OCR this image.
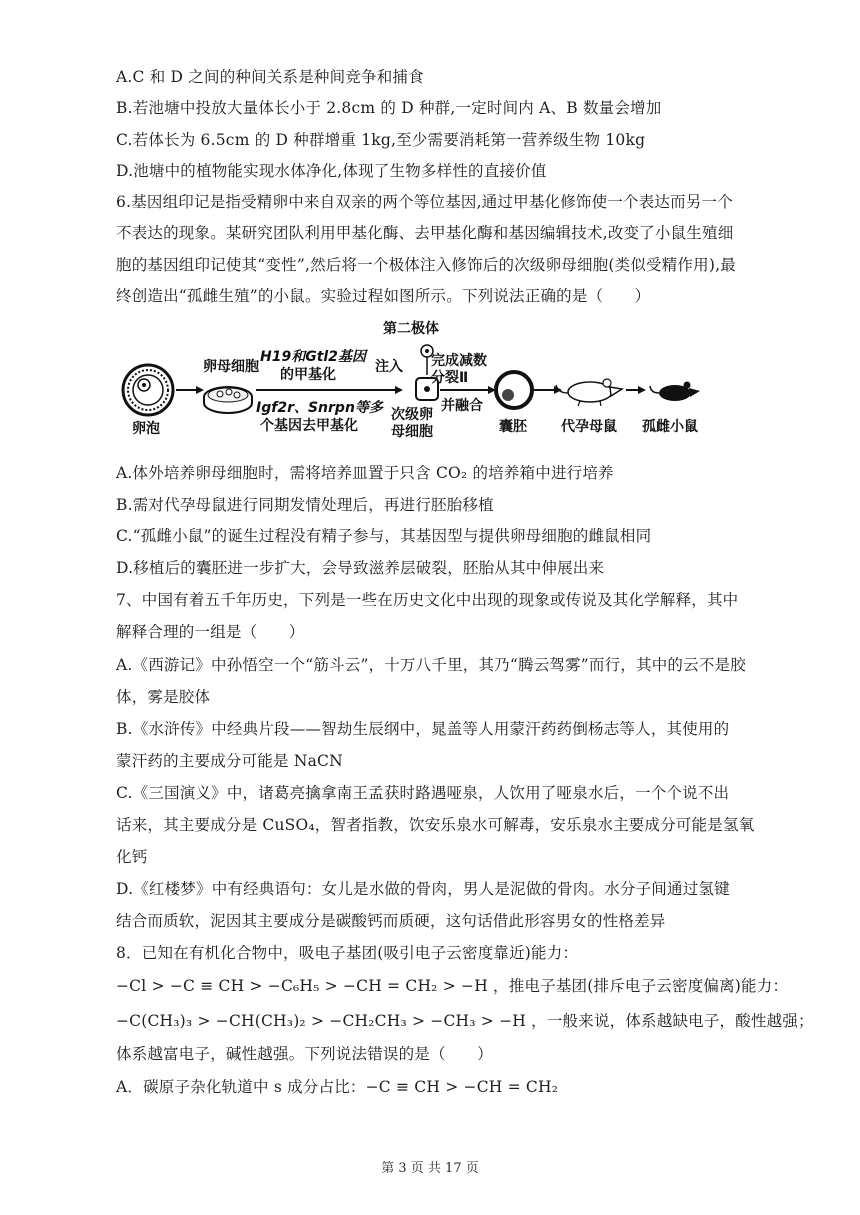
A.C 和 D 之间的种间关系是种间竞争和捕食
B.若池塘中投放大量体长小于 2.8cm 的 D 种群,一定时间内 A、B 数量会增加
C.若体长为 6.5cm 的 D 种群增重 1kg,至少需要消耗第一营养级生物 10kg
D.池塘中的植物能实现水体净化,体现了生物多样性的直接价值
6.基因组印记是指受精卵中来自双亲的两个等位基因,通过甲基化修饰使一个表达而另一个
不表达的现象。某研究团队利用甲基化酶、去甲基化酶和基因编辑技术,改变了小鼠生殖细
胞的基因组印记使其“变性”,然后将一个极体注入修饰后的次级卵母细胞(类似受精作用),最
终创造出“孤雌生殖”的小鼠。实验过程如图所示。下列说法正确的是（　　）
卵泡
卵母细胞
H19和Gtl2基因
的甲基化
Igf2r、Snrpn等多
个基因去甲基化
第二极体
注入
次级卵
母细胞
完成减数
分裂Ⅱ
并融合
囊胚 代孕母鼠 孤雌小鼠
A.体外培养卵母细胞时，需将培养皿置于只含 CO₂ 的培养箱中进行培养
B.需对代孕母鼠进行同期发情处理后，再进行胚胎移植
C.“孤雌小鼠”的诞生过程没有精子参与，其基因型与提供卵母细胞的雌鼠相同
D.移植后的囊胚进一步扩大，会导致滋养层破裂，胚胎从其中伸展出来
7、中国有着五千年历史，下列是一些在历史文化中出现的现象或传说及其化学解释，其中
解释合理的一组是（　　）
A.《西游记》中孙悟空一个“筋斗云”，十万八千里，其乃“腾云驾雾”而行，其中的云不是胶
体，雾是胶体
B.《水浒传》中经典片段——智劫生辰纲中，晁盖等人用蒙汗药药倒杨志等人，其使用的
蒙汗药的主要成分可能是 NaCN
C.《三国演义》中，诸葛亮擒拿南王孟获时路遇哑泉，人饮用了哑泉水后，一个个说不出
话来，其主要成分是 CuSO₄，智者指教，饮安乐泉水可解毒，安乐泉水主要成分可能是氢氧
化钙
D.《红楼梦》中有经典语句：女儿是水做的骨肉，男人是泥做的骨肉。水分子间通过氢键
结合而质软，泥因其主要成分是碳酸钙而质硬，这句话借此形容男女的性格差异
8．已知在有机化合物中，吸电子基团(吸引电子云密度靠近)能力：
−Cl > −C ≡ CH > −C₆H₅ > −CH = CH₂ > −H ，推电子基团(排斥电子云密度偏离)能力：
−C(CH₃)₃ > −CH(CH₃)₂ > −CH₂CH₃ > −CH₃ > −H ，一般来说，体系越缺电子，酸性越强；
体系越富电子，碱性越强。下列说法错误的是（　　）
A．碳原子杂化轨道中 s 成分占比：−C ≡ CH > −CH = CH₂
第 3 页 共 17 页
